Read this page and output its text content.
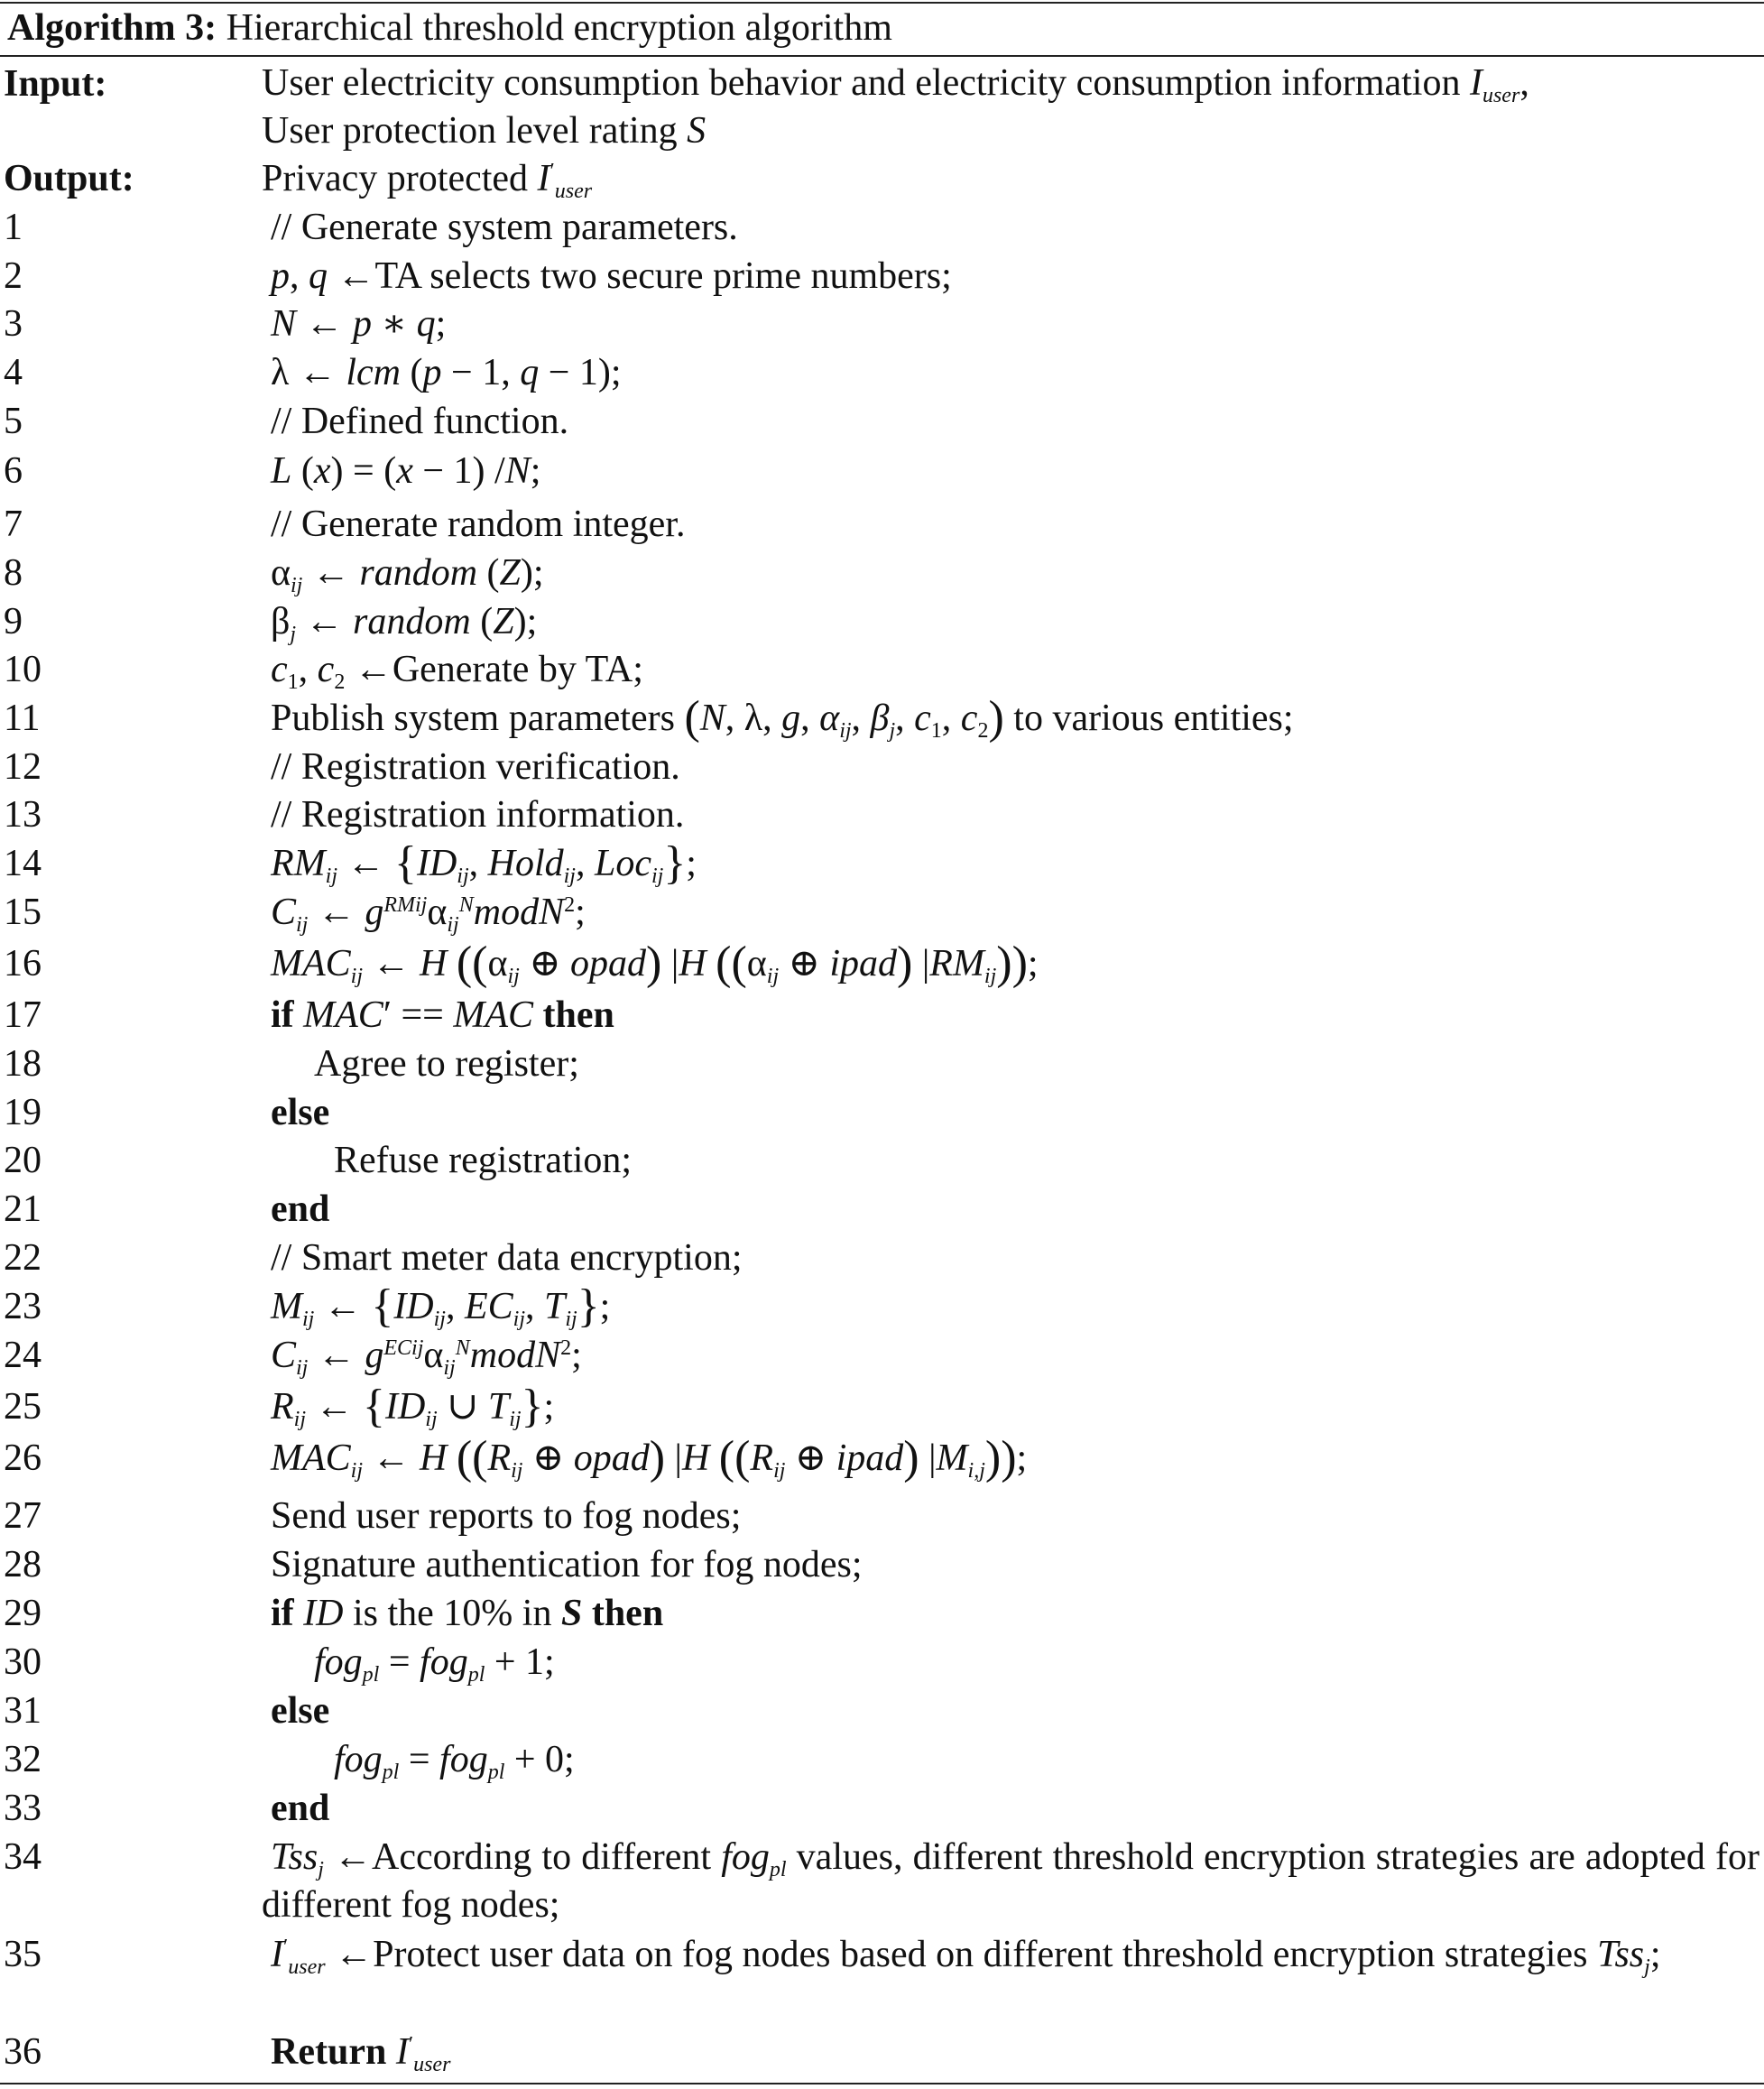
Algorithm 3: Hierarchical threshold encryption algorithm
Input:	User electricity consumption behavior and electricity consumption information $I_{user}$,
User protection level rating S
Output:	Privacy protected $I'_{user}$
1	// Generate system parameters.
2	p, q ←TA selects two secure prime numbers;
3	N ← p ∗ q;
4	λ ← lcm (p − 1, q − 1);
5	// Defined function.
6	L (x) = (x − 1) /N;
7	// Generate random integer.
8	$\alpha_{ij}$ ← random (Z);
9	$\beta_j$ ← random (Z);
10	$c_1$, $c_2$ ←Generate by TA;
11	Publish system parameters (N, λ, g, $\alpha_{ij}$, $\beta_j$, $c_1$, $c_2$) to various entities;
12	// Registration verification.
13	// Registration information.
14	$RM_{ij}$ ← {$ID_{ij}$, Hold$_{ij}$, Loc$_{ij}$};
15	$C_{ij}$ ← $g^{RMij}\alpha_{ij}^NmodN^2$;
16	$MAC_{ij}$ ← H (($\alpha_{ij}$ ⊕ opad) |H (($\alpha_{ij}$ ⊕ ipad) $|RM_{ij}$));
17	if MAC′ == MAC then
18	Agree to register;
19	else
20	Refuse registration;
21	end
22	// Smart meter data encryption;
23	$M_{ij}$ ← {$ID_{ij}$, $EC_{ij}$, $T_{ij}$};
24	$C_{ij}$ ← $g^{ECij}\alpha_{ij}^NmodN^2$;
25	$R_{ij}$ ← {$ID_{ij}$ ∪ $T_{ij}$};
26	$MAC_{ij}$ ← H (($R_{ij}$ ⊕ opad) |H (($R_{ij}$ ⊕ ipad) $|M_{i,j}$));
27	Send user reports to fog nodes;
28	Signature authentication for fog nodes;
29	if ID is the 10% in S then
30	fog$_{pl}$ = fog$_{pl}$ + 1;
31	else
32	fog$_{pl}$ = fog$_{pl}$ + 0;
33	end
34	Tss$_j$ ←According to different fog$_{pl}$ values, different threshold encryption strategies are adopted for different fog nodes;
35	$I'_{user}$ ←Protect user data on fog nodes based on different threshold encryption strategies Tss$_j$;
36	Return $I'_{user}$
